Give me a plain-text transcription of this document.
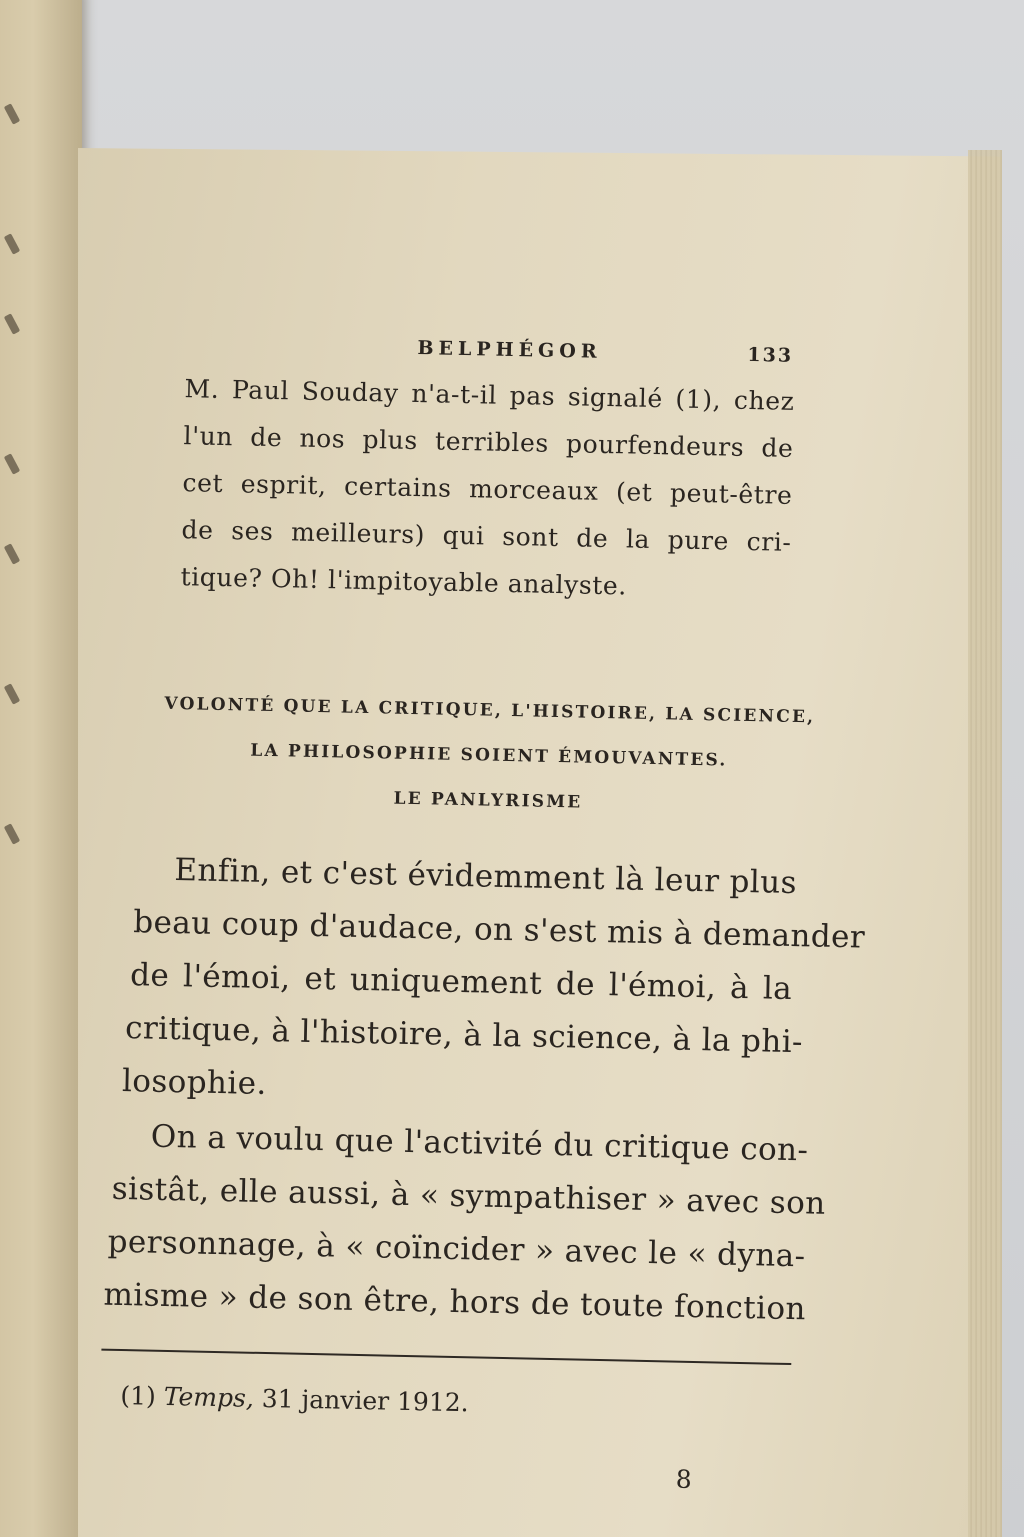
BELPHÉGOR	133
M. Paul Souday n'a-t-il pas signalé (1), chez
l'un de nos plus terribles pourfendeurs de
cet esprit, certains morceaux (et peut-être
de ses meilleurs) qui sont de la pure cri-
tique? Oh! l'impitoyable analyste.
VOLONTÉ QUE LA CRITIQUE, L'HISTOIRE, LA SCIENCE,
LA PHILOSOPHIE SOIENT ÉMOUVANTES.
LE PANLYRISME
Enfin, et c'est évidemment là leur plus
beau coup d'audace, on s'est mis à demander
de l'émoi, et uniquement de l'émoi, à la
critique, à l'histoire, à la science, à la phi-
losophie.
On a voulu que l'activité du critique con-
sistât, elle aussi, à « sympathiser » avec son
personnage, à « coïncider » avec le « dyna-
misme » de son être, hors de toute fonction
(1) Temps, 31 janvier 1912.
8
